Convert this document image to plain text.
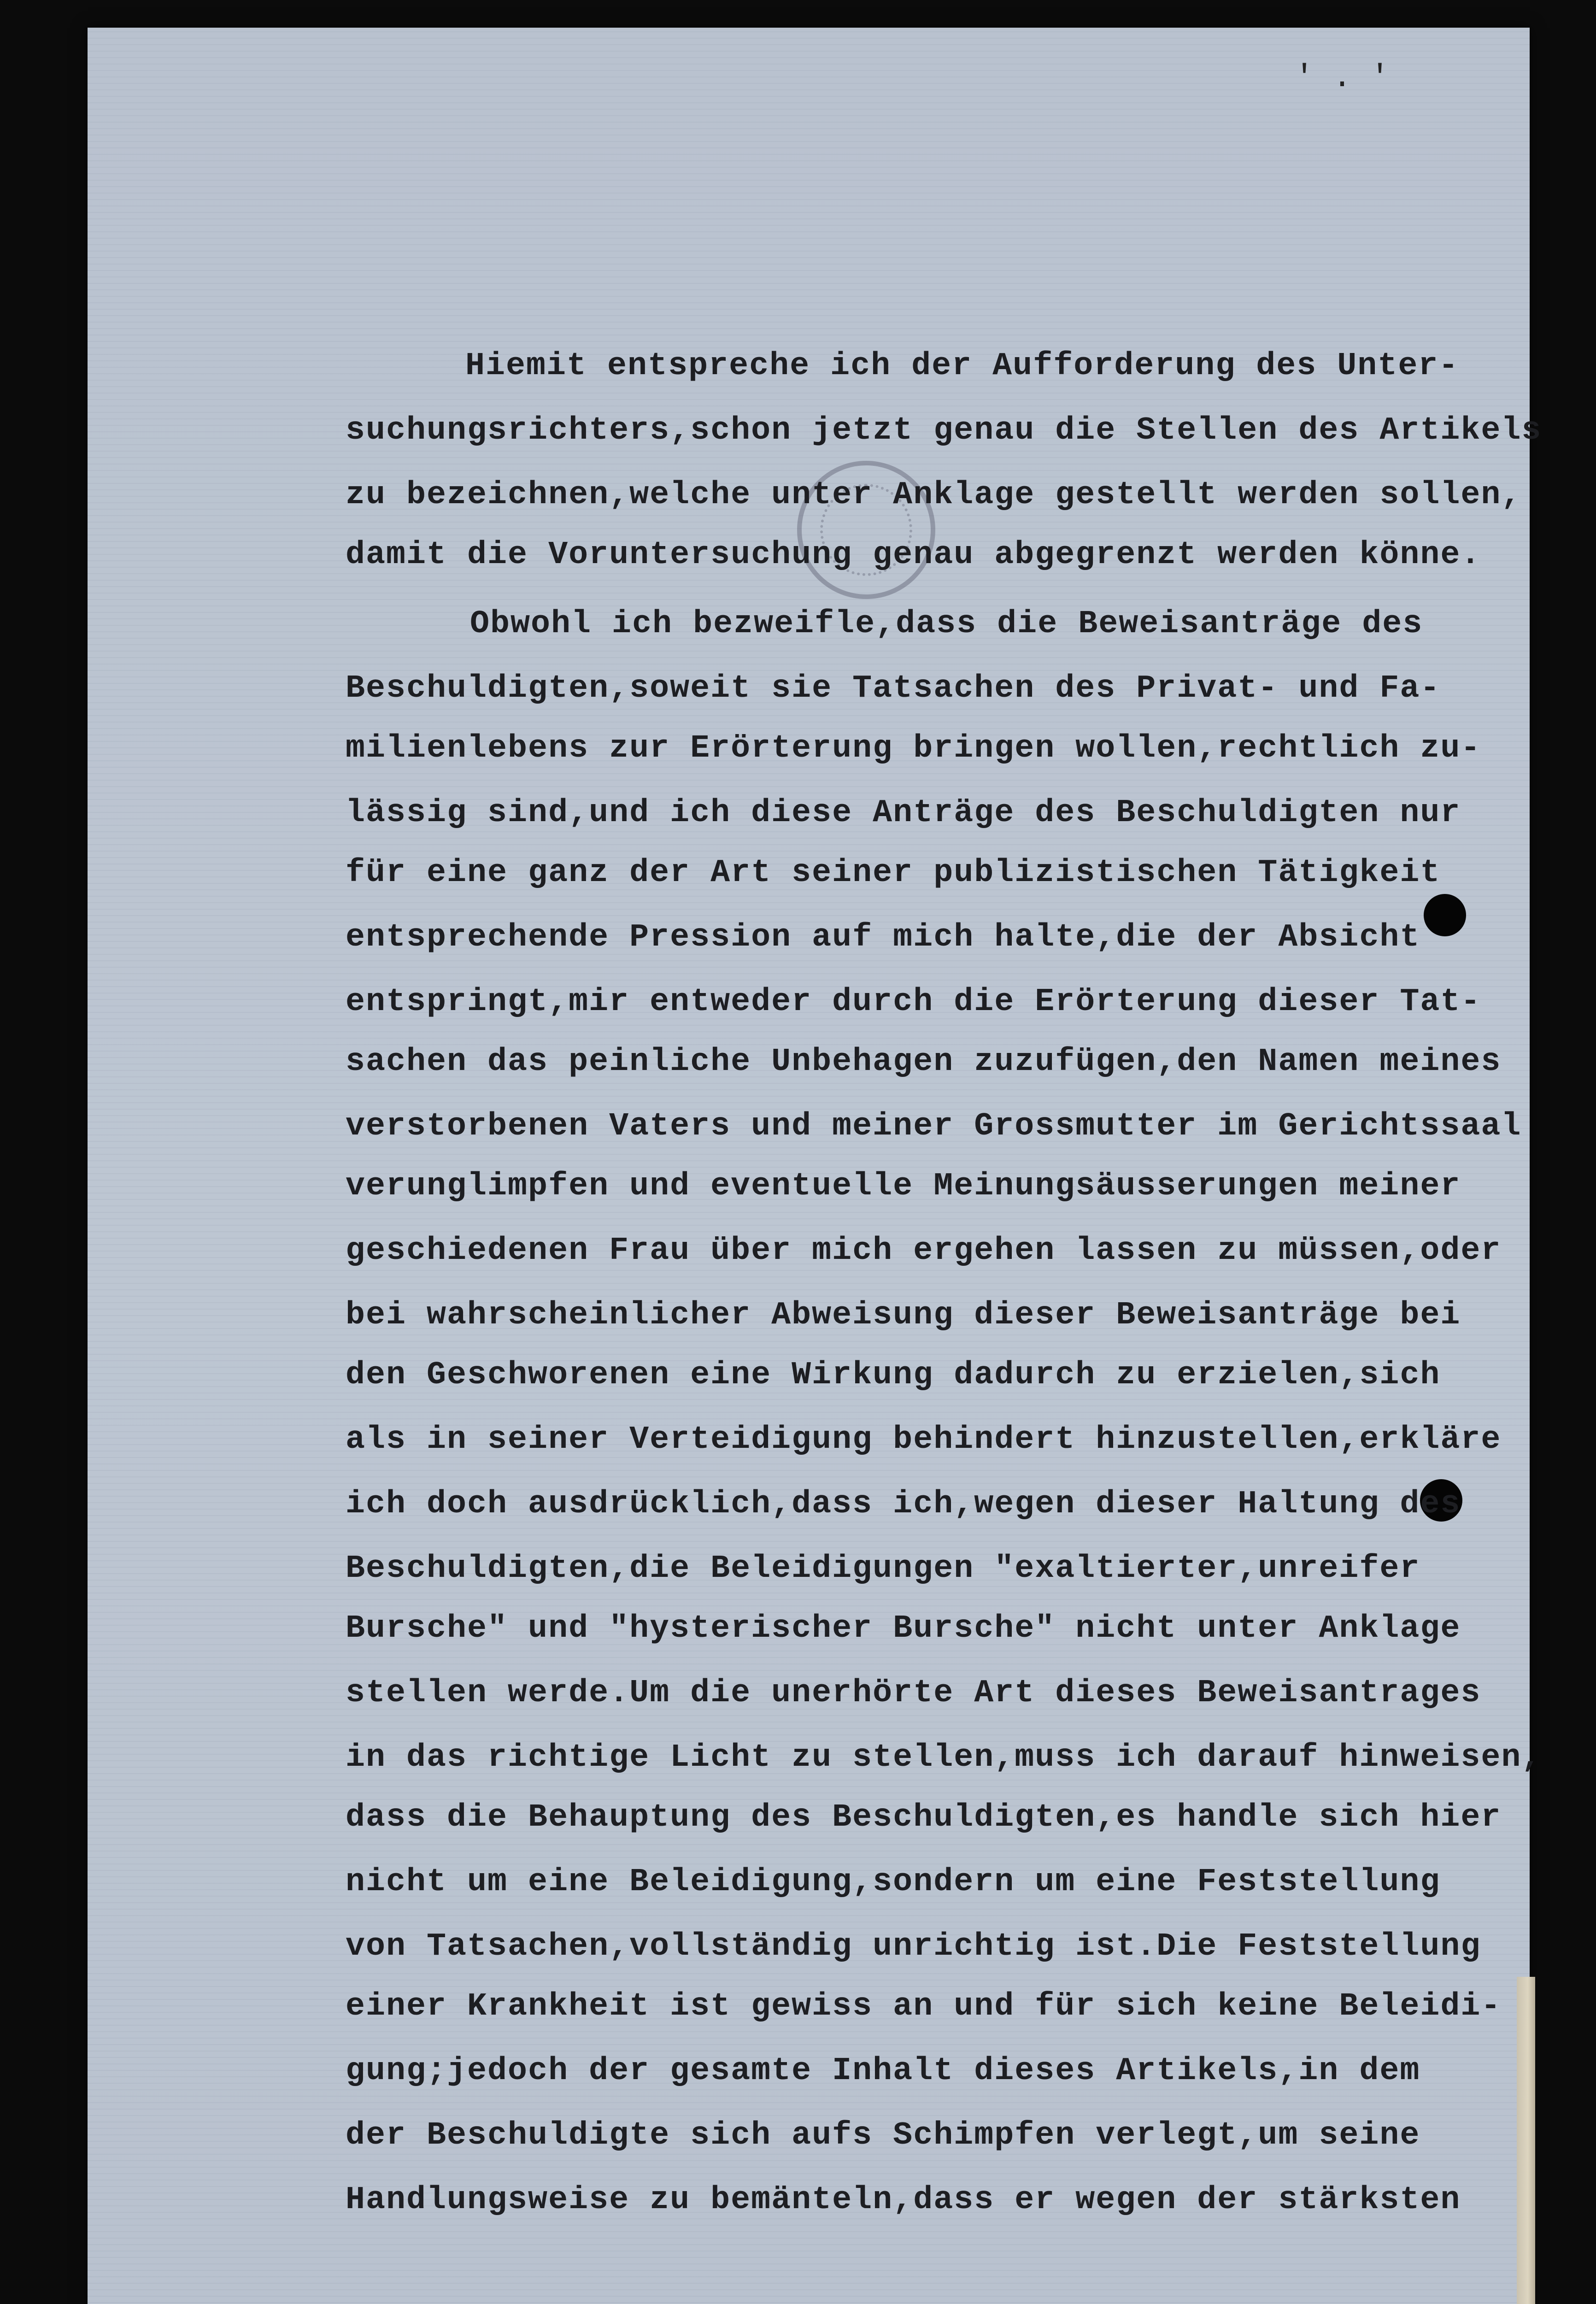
'.'
Hiemit entspreche ich der Aufforderung des Unter-
suchungsrichters,schon jetzt genau die Stellen des Artikels
zu bezeichnen,welche unter Anklage gestellt werden sollen,
damit die Voruntersuchung genau abgegrenzt werden könne.
Obwohl ich bezweifle,dass die Beweisanträge des
Beschuldigten,soweit sie Tatsachen des Privat- und Fa-
milienlebens zur Erörterung bringen wollen,rechtlich zu-
lässig sind,und ich diese Anträge des Beschuldigten nur
für eine ganz der Art seiner publizistischen Tätigkeit
entsprechende Pression auf mich halte,die der Absicht
entspringt,mir entweder durch die Erörterung dieser Tat-
sachen das peinliche Unbehagen zuzufügen,den Namen meines
verstorbenen Vaters und meiner Grossmutter im Gerichtssaal
verunglimpfen und eventuelle Meinungsäusserungen meiner
geschiedenen Frau über mich ergehen lassen zu müssen,oder
bei wahrscheinlicher Abweisung dieser Beweisanträge bei
den Geschworenen eine Wirkung dadurch zu erzielen,sich
als in seiner Verteidigung behindert hinzustellen,erkläre
ich doch ausdrücklich,dass ich,wegen dieser Haltung des
Beschuldigten,die Beleidigungen "exaltierter,unreifer
Bursche" und "hysterischer Bursche" nicht unter Anklage
stellen werde.Um die unerhörte Art dieses Beweisantrages
in das richtige Licht zu stellen,muss ich darauf hinweisen,
dass die Behauptung des Beschuldigten,es handle sich hier
nicht um eine Beleidigung,sondern um eine Feststellung
von Tatsachen,vollständig unrichtig ist.Die Feststellung
einer Krankheit ist gewiss an und für sich keine Beleidi-
gung;jedoch der gesamte Inhalt dieses Artikels,in dem
der Beschuldigte sich aufs Schimpfen verlegt,um seine
Handlungsweise zu bemänteln,dass er wegen der stärksten
